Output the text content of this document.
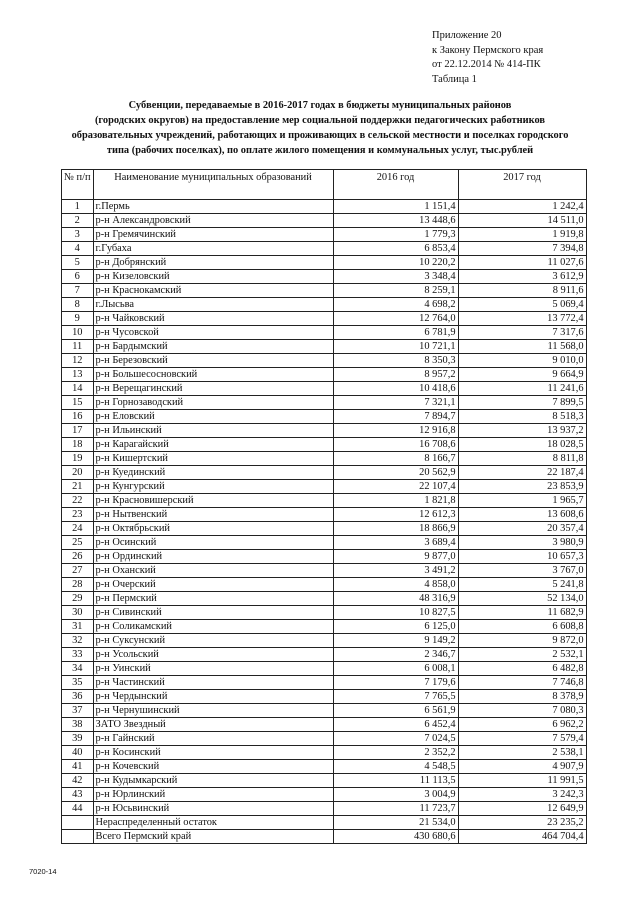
Приложение 20
к Закону Пермского края
от 22.12.2014 № 414-ПК
Таблица 1
Субвенции, передаваемые в 2016-2017 годах в бюджеты муниципальных районов
(городских округов) на предоставление мер социальной поддержки педагогических работников
образовательных учреждений, работающих и проживающих в сельской местности и поселках городского
типа (рабочих поселках), по оплате жилого помещения и коммунальных услуг, тыс.рублей
№ п/п	Наименование муниципальных образований	2016 год	2017 год
1	г.Пермь	1 151,4	1 242,4
2	р-н Александровский	13 448,6	14 511,0
3	р-н Гремячинский	1 779,3	1 919,8
4	г.Губаха	6 853,4	7 394,8
5	р-н Добрянский	10 220,2	11 027,6
6	р-н Кизеловский	3 348,4	3 612,9
7	р-н Краснокамский	8 259,1	8 911,6
8	г.Лысьва	4 698,2	5 069,4
9	р-н Чайковский	12 764,0	13 772,4
10	р-н Чусовской	6 781,9	7 317,6
11	р-н Бардымский	10 721,1	11 568,0
12	р-н Березовский	8 350,3	9 010,0
13	р-н Большесосновский	8 957,2	9 664,9
14	р-н Верещагинский	10 418,6	11 241,6
15	р-н Горнозаводский	7 321,1	7 899,5
16	р-н Еловский	7 894,7	8 518,3
17	р-н Ильинский	12 916,8	13 937,2
18	р-н Карагайский	16 708,6	18 028,5
19	р-н Кишертский	8 166,7	8 811,8
20	р-н Куединский	20 562,9	22 187,4
21	р-н Кунгурский	22 107,4	23 853,9
22	р-н Красновишерский	1 821,8	1 965,7
23	р-н Нытвенский	12 612,3	13 608,6
24	р-н Октябрьский	18 866,9	20 357,4
25	р-н Осинский	3 689,4	3 980,9
26	р-н Ординский	9 877,0	10 657,3
27	р-н Оханский	3 491,2	3 767,0
28	р-н Очерский	4 858,0	5 241,8
29	р-н Пермский	48 316,9	52 134,0
30	р-н Сивинский	10 827,5	11 682,9
31	р-н Соликамский	6 125,0	6 608,8
32	р-н Суксунский	9 149,2	9 872,0
33	р-н Усольский	2 346,7	2 532,1
34	р-н Уинский	6 008,1	6 482,8
35	р-н Частинский	7 179,6	7 746,8
36	р-н Чердынский	7 765,5	8 378,9
37	р-н Чернушинский	6 561,9	7 080,3
38	ЗАТО Звездный	6 452,4	6 962,2
39	р-н Гайнский	7 024,5	7 579,4
40	р-н Косинский	2 352,2	2 538,1
41	р-н Кочевский	4 548,5	4 907,9
42	р-н Кудымкарский	11 113,5	11 991,5
43	р-н Юрлинский	3 004,9	3 242,3
44	р-н Юсьвинский	11 723,7	12 649,9
	Нераспределенный остаток	21 534,0	23 235,2
	Всего Пермский край	430 680,6	464 704,4
7020-14
